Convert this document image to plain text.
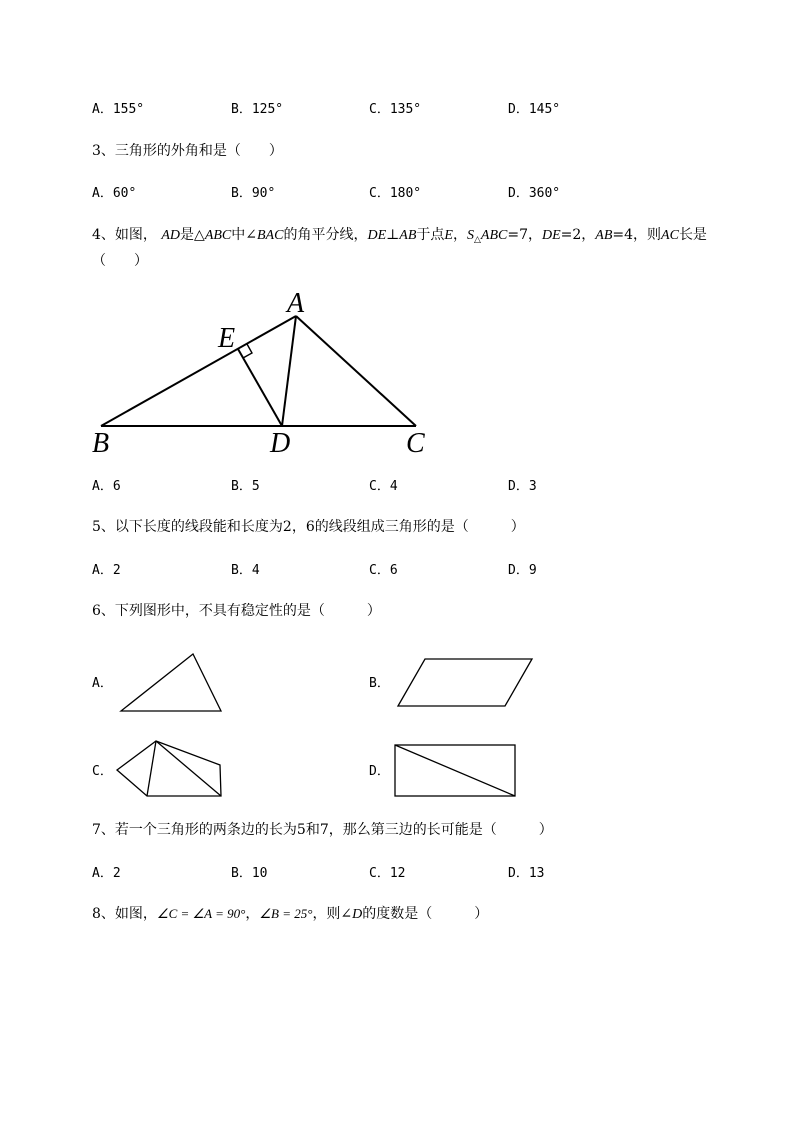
A．155°	B．125°	C．135°	D．145°
3、三角形的外角和是（　　）
A．60°	B．90°	C．180°	D．360°
4、如图， AD是△ABC中∠BAC的角平分线，DE⊥AB于点E，$S_\triangle ABC=7$，DE=2，AB=4，则AC长是
（　　）
A
E
B	D	C
A．6	B．5	C．4	D．3
5、以下长度的线段能和长度为2，6的线段组成三角形的是（　　　）
A．2	B．4	C．6	D．9
6、下列图形中，不具有稳定性的是（　　　）
A．	B．
C．	D．
7、若一个三角形的两条边的长为5和7，那么第三边的长可能是（　　　）
A．2	B．10	C．12	D．13
8、如图，∠C = ∠A = 90°，∠B = 25°，则∠D的度数是（　　　）
